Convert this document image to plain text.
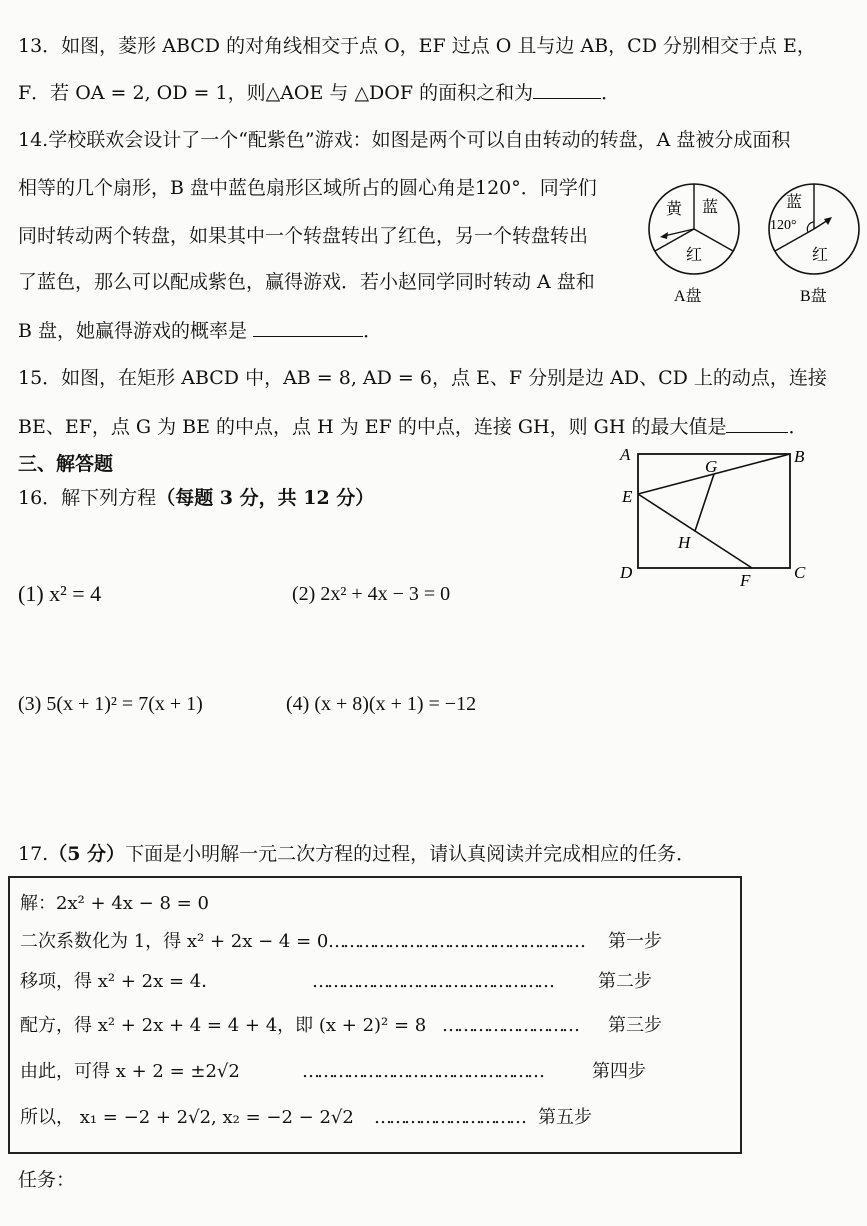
13．如图，菱形 ABCD 的对角线相交于点 O，EF 过点 O 且与边 AB，CD 分别相交于点 E，
F．若 OA = 2, OD = 1，则△AOE 与 △DOF 的面积之和为	．
14.学校联欢会设计了一个“配紫色”游戏：如图是两个可以自由转动的转盘，A 盘被分成面积
相等的几个扇形，B 盘中蓝色扇形区域所占的圆心角是120°．同学们
同时转动两个转盘，如果其中一个转盘转出了红色，另一个转盘转出
了蓝色，那么可以配成紫色，赢得游戏．若小赵同学同时转动 A 盘和
B 盘，她赢得游戏的概率是	．
黄 蓝
红
A盘
蓝
120°
红
B盘
15．如图，在矩形 ABCD 中，AB = 8, AD = 6，点 E、F 分别是边 AD、CD 上的动点，连接
BE、EF，点 G 为 BE 的中点，点 H 为 EF 的中点，连接 GH，则 GH 的最大值是	．
A	B
C
D
E
F
G
H
三、解答题
16．解下列方程（每题 3 分，共 12 分）
(1) x² = 4	(2) 2x² + 4x − 3 = 0
(3) 5(x + 1)² = 7(x + 1)	(4) (x + 8)(x + 1) = −12
17.（5 分）下面是小明解一元二次方程的过程，请认真阅读并完成相应的任务．
解：2x² + 4x − 8 = 0
二次系数化为 1，得 x² + 2x − 4 = 0 …………………………………………… 第一步
移项，得 x² + 2x = 4．	…………………………………………	第二步
配方，得 x² + 2x + 4 = 4 + 4，即 (x + 2)² = 8 ……………………… 第三步
由此，可得 x + 2 = ±2√2	…………………………………………	第四步
所以， x₁ = −2 + 2√2, x₂ = −2 − 2√2 ………………………… 第五步
任务：
